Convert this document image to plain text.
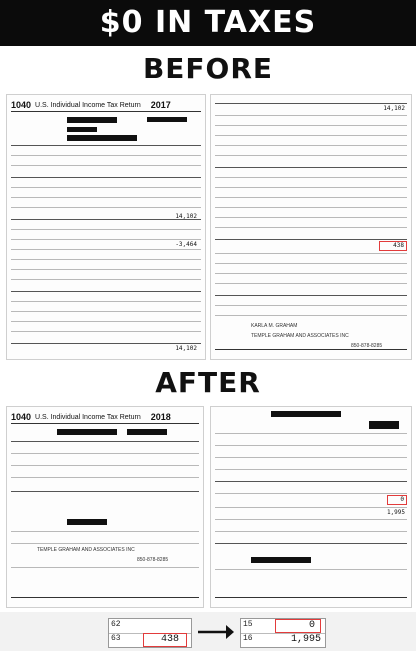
$0 IN TAXES
BEFORE
1040 U.S. Individual Income Tax Return 2017
14,102
-3,464
14,102
14,102
438
KARLA M. GRAHAM
TEMPLE GRAHAM AND ASSOCIATES INC
850-878-8285
AFTER
1040 U.S. Individual Income Tax Return 2018
TEMPLE GRAHAM AND ASSOCIATES INC
850-878-8285
0
1,995
62
63	438
15	0
16	1,995
